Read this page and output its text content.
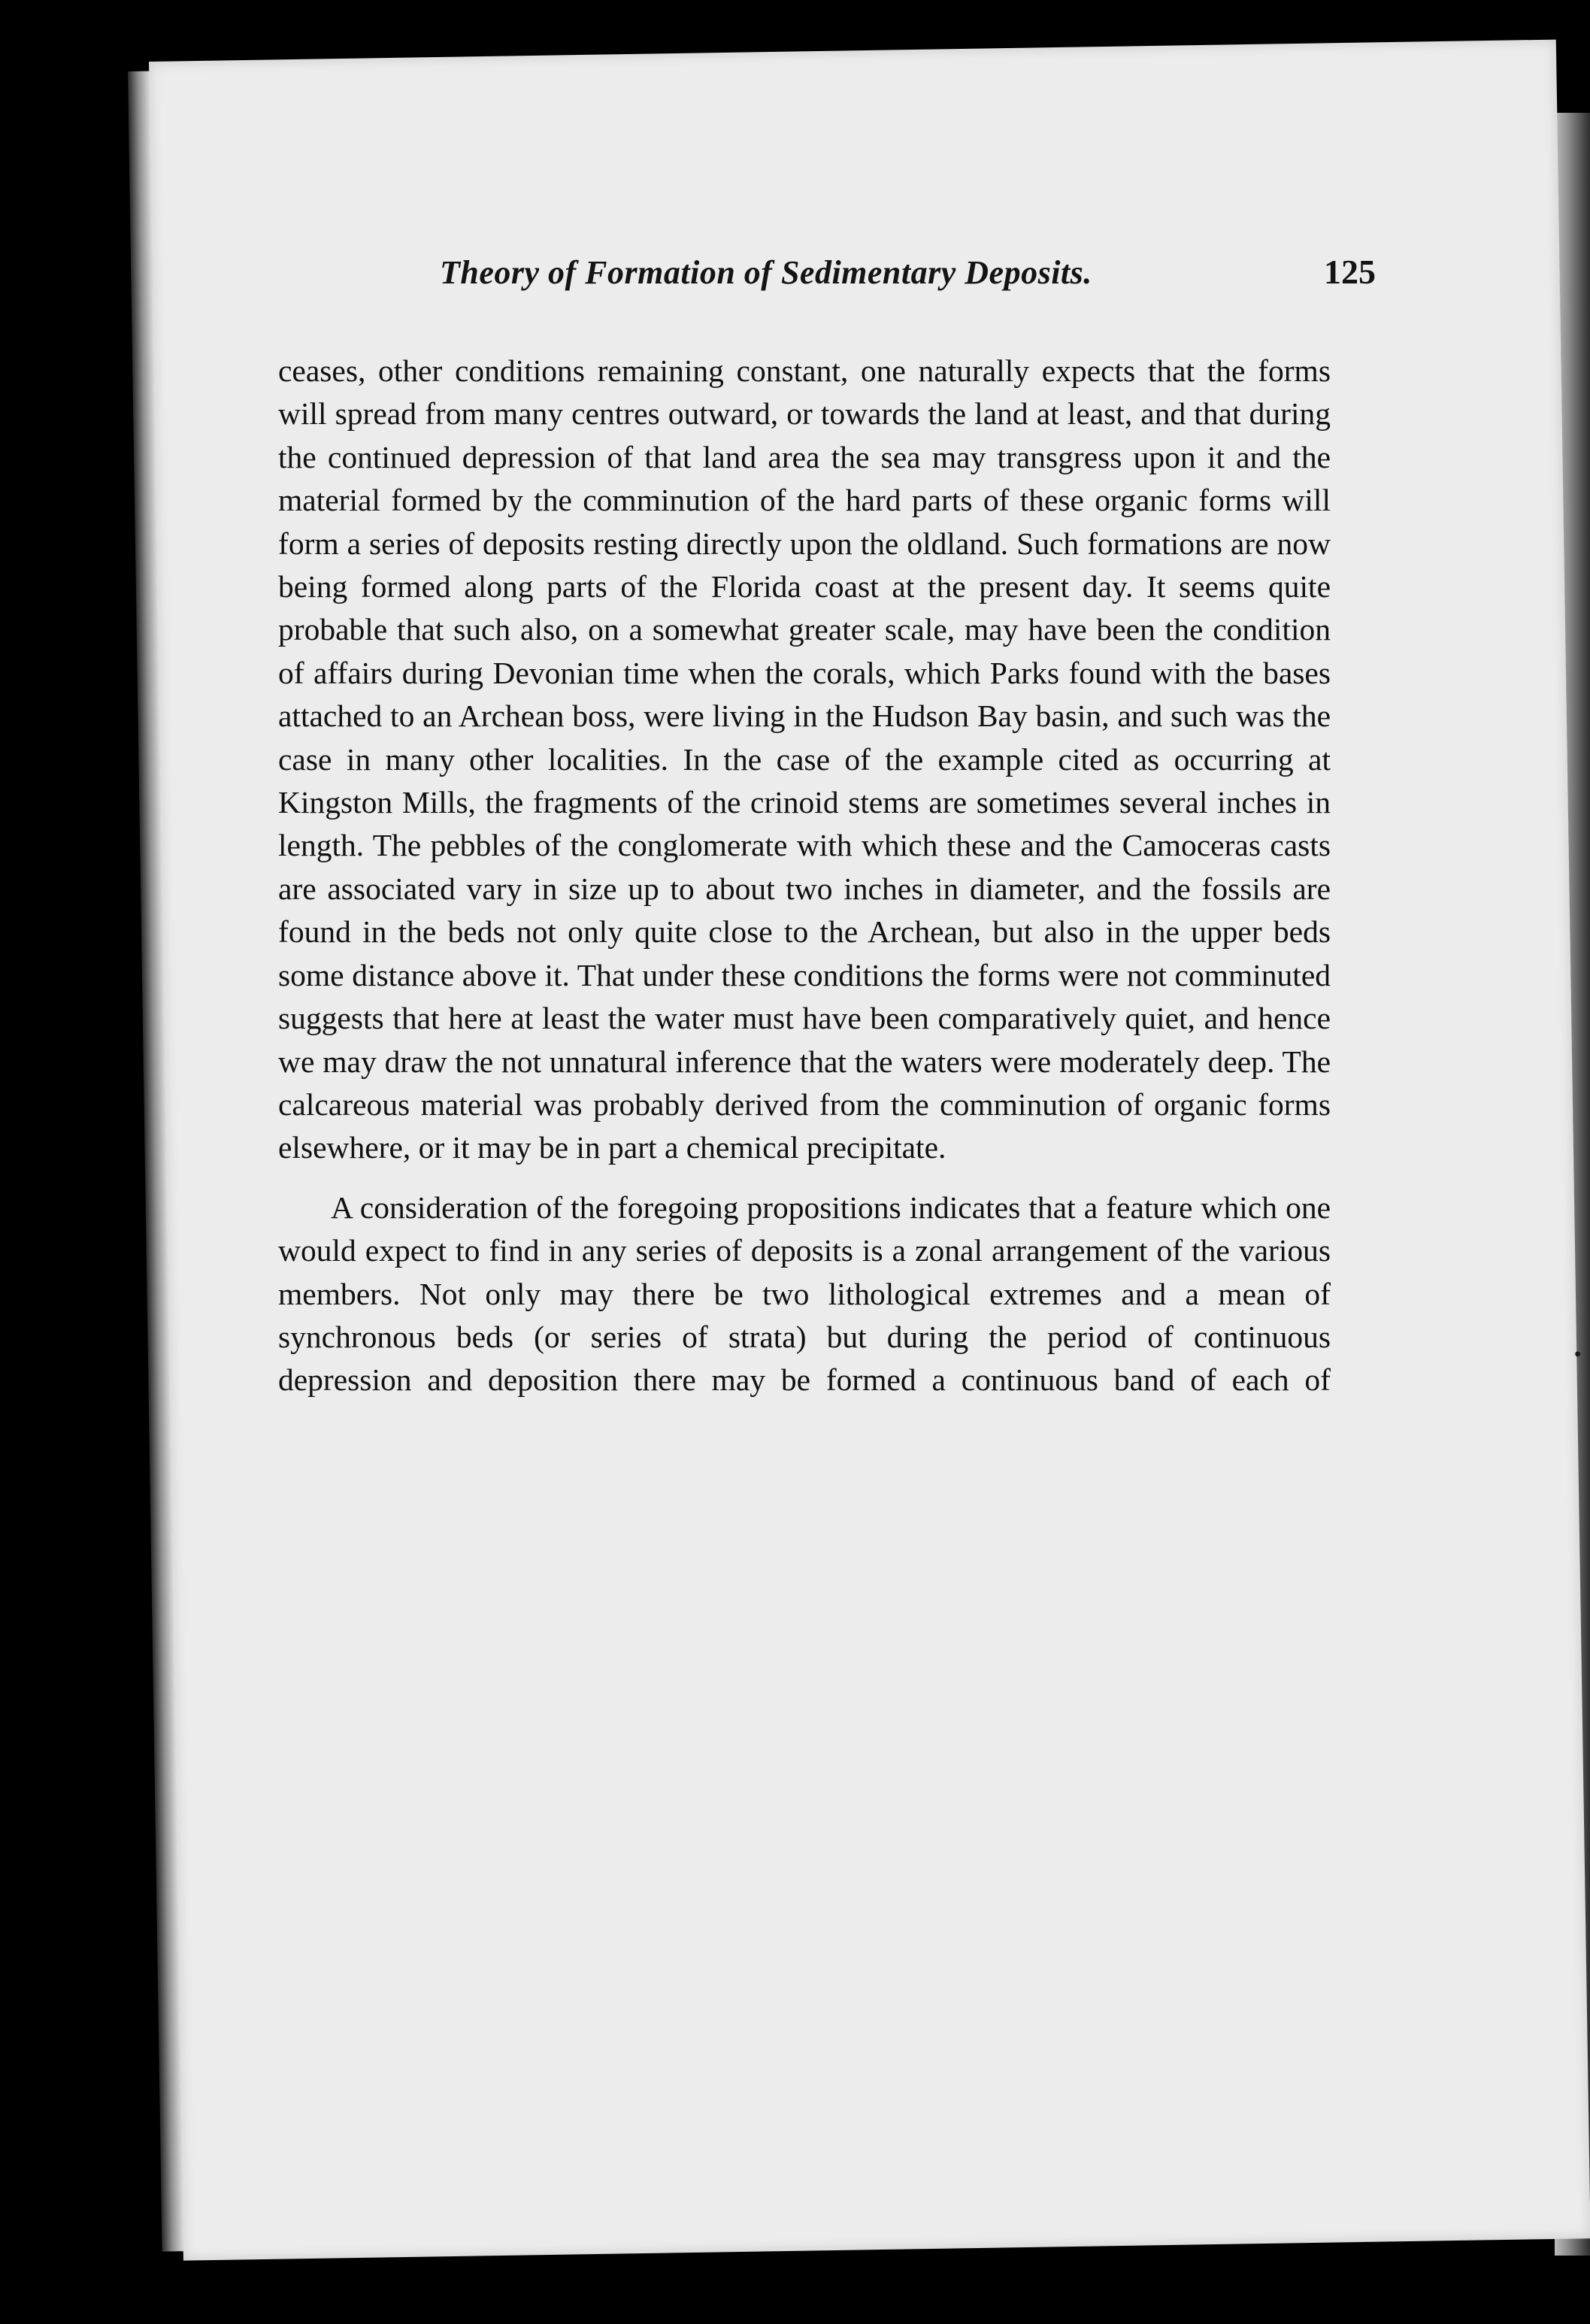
Theory of Formation of Sedimentary Deposits.	125

ceases, other conditions remaining constant, one naturally expects that the forms will spread from many centres outward, or towards the land at least, and that during the continued depression of that land area the sea may transgress upon it and the material formed by the comminution of the hard parts of these organic forms will form a series of deposits resting directly upon the oldland. Such formations are now being formed along parts of the Florida coast at the present day. It seems quite probable that such also, on a somewhat greater scale, may have been the condition of affairs during Devonian time when the corals, which Parks found with the bases attached to an Archean boss, were living in the Hudson Bay basin, and such was the case in many other localities. In the case of the example cited as occurring at Kingston Mills, the fragments of the crinoid stems are sometimes several inches in length. The pebbles of the conglomerate with which these and the Camoceras casts are associated vary in size up to about two inches in diameter, and the fossils are found in the beds not only quite close to the Archean, but also in the upper beds some distance above it. That under these conditions the forms were not comminuted suggests that here at least the water must have been comparatively quiet, and hence we may draw the not unnatural inference that the waters were moderately deep. The calcareous material was probably derived from the comminution of organic forms elsewhere, or it may be in part a chemical precipitate.

A consideration of the foregoing propositions indicates that a feature which one would expect to find in any series of deposits is a zonal arrangement of the various members. Not only may there be two lithological extremes and a mean of synchronous beds (or series of strata) but during the period of continuous depression and deposition there may be formed a continuous band of each of
